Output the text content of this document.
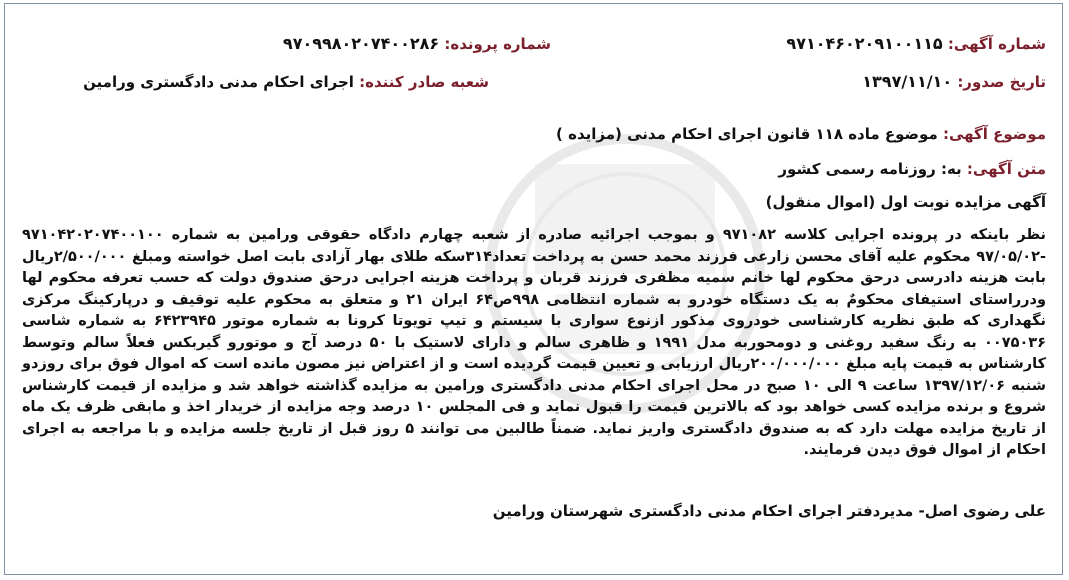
شماره آگهی: ۹۷۱۰۴۶۰۲۰۹۱۰۰۱۱۵
تاریخ صدور: ۱۳۹۷/۱۱/۱۰
شماره پرونده: ۹۷۰۹۹۸۰۲۰۷۴۰۰۲۸۶
شعبه صادر کننده: اجرای احکام مدنی دادگستری ورامین
موضوع آگهی: موضوع ماده ۱۱۸ قانون اجرای احکام مدنی (مزایده )
متن آگهی: به: روزنامه رسمی کشور
آگهی مزایده نوبت اول (اموال منقول)
نظر باینکه در پرونده اجرایی کلاسه ۹۷۱۰۸۲ و بموجب اجرائیه صادره از شعبه چهارم دادگاه حقوقی ورامین به شماره ۹۷۱۰۴۲۰۲۰۷۴۰۰۱۰۰ -۹۷/۰۵/۰۲ محکوم علیه آقای محسن زارعی فرزند محمد حسن به پرداخت تعداد۳۱۴سکه طلای بهار آزادی بابت اصل خواسته ومبلغ ۲/۵۰۰/۰۰۰ریال بابت هزینه دادرسی درحق محکوم لها خانم سمیه مظفری فرزند قربان و پرداخت هزینه اجرایی درحق صندوق دولت که حسب تعرفه محکوم لها ودرراستای استیفای محکومٌ به یک دستگاه خودرو به شماره انتظامی ۹۹۸ص۶۴ ایران ۲۱ و متعلق به محکوم علیه توقیف و درپارکینگ مرکزی نگهداری که طبق نظریه کارشناسی خودروی مذکور ازنوع سواری با سیستم و تیپ تویوتا کرونا به شماره موتور ۶۴۲۳۹۴۵ به شماره شاسی ۰۰۷۵۰۳۶ به رنگ سفید روغنی و دومحوربه مدل ۱۹۹۱ و ظاهری سالم و دارای لاستیک با ۵۰ درصد آج و موتورو گیربکس فعلاً سالم وتوسط کارشناس به قیمت پایه مبلغ ۲۰۰/۰۰۰/۰۰۰ریال ارزیابی و تعیین قیمت گردیده است و از اعتراض نیز مصون مانده است که اموال فوق برای روزدو شنبه ۱۳۹۷/۱۲/۰۶ ساعت ۹ الی ۱۰ صبح در محل اجرای احکام مدنی دادگستری ورامین به مزایده گذاشته خواهد شد و مزایده از قیمت کارشناس شروع و برنده مزایده کسی خواهد بود که بالاترین قیمت را قبول نماید و فی المجلس ۱۰ درصد وجه مزایده از خریدار اخذ و مابقی ظرف یک ماه از تاریخ مزایده مهلت دارد که به صندوق دادگستری واریز نماید. ضمناً طالبین می توانند ۵ روز قبل از تاریخ جلسه مزایده و با مراجعه به اجرای احکام از اموال فوق دیدن فرمایند.
علی رضوی اصل- مدیردفتر اجرای احکام مدنی دادگستری شهرستان ورامین
